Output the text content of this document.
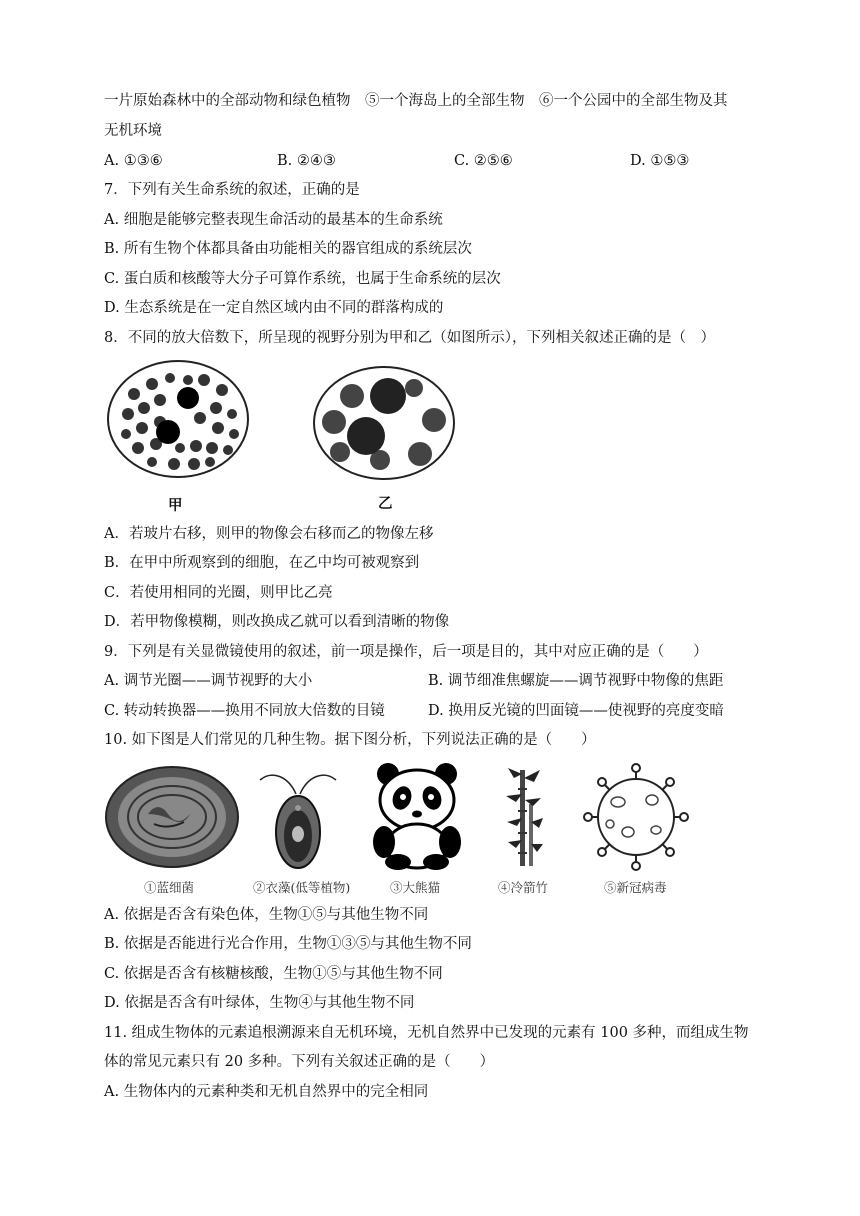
一片原始森林中的全部动物和绿色植物　⑤一个海岛上的全部生物　⑥一个公园中的全部生物及其
无机环境
A. ①③⑥	B. ②④③	C. ②⑤⑥	D. ①⑤③
7．下列有关生命系统的叙述，正确的是
A. 细胞是能够完整表现生命活动的最基本的生命系统
B. 所有生物个体都具备由功能相关的器官组成的系统层次
C. 蛋白质和核酸等大分子可算作系统，也属于生命系统的层次
D. 生态系统是在一定自然区域内由不同的群落构成的
8．不同的放大倍数下，所呈现的视野分别为甲和乙（如图所示），下列相关叙述正确的是（　）
甲	乙
A．若玻片右移，则甲的物像会右移而乙的物像左移
B．在甲中所观察到的细胞，在乙中均可被观察到
C．若使用相同的光圈，则甲比乙亮
D．若甲物像模糊，则改换成乙就可以看到清晰的物像
9．下列是有关显微镜使用的叙述，前一项是操作，后一项是目的，其中对应正确的是（　　）
A. 调节光圈——调节视野的大小	B. 调节细准焦螺旋——调节视野中物像的焦距
C. 转动转换器——换用不同放大倍数的目镜	D. 换用反光镜的凹面镜——使视野的亮度变暗
10. 如下图是人们常见的几种生物。据下图分析，下列说法正确的是（　　）
①蓝细菌	②衣藻(低等植物)	③大熊猫	④冷箭竹	⑤新冠病毒
A. 依据是否含有染色体，生物①⑤与其他生物不同
B. 依据是否能进行光合作用，生物①③⑤与其他生物不同
C. 依据是否含有核糖核酸，生物①⑤与其他生物不同
D. 依据是否含有叶绿体，生物④与其他生物不同
11. 组成生物体的元素追根溯源来自无机环境，无机自然界中已发现的元素有 100 多种，而组成生物
体的常见元素只有 20 多种。下列有关叙述正确的是（　　）
A. 生物体内的元素种类和无机自然界中的完全相同
